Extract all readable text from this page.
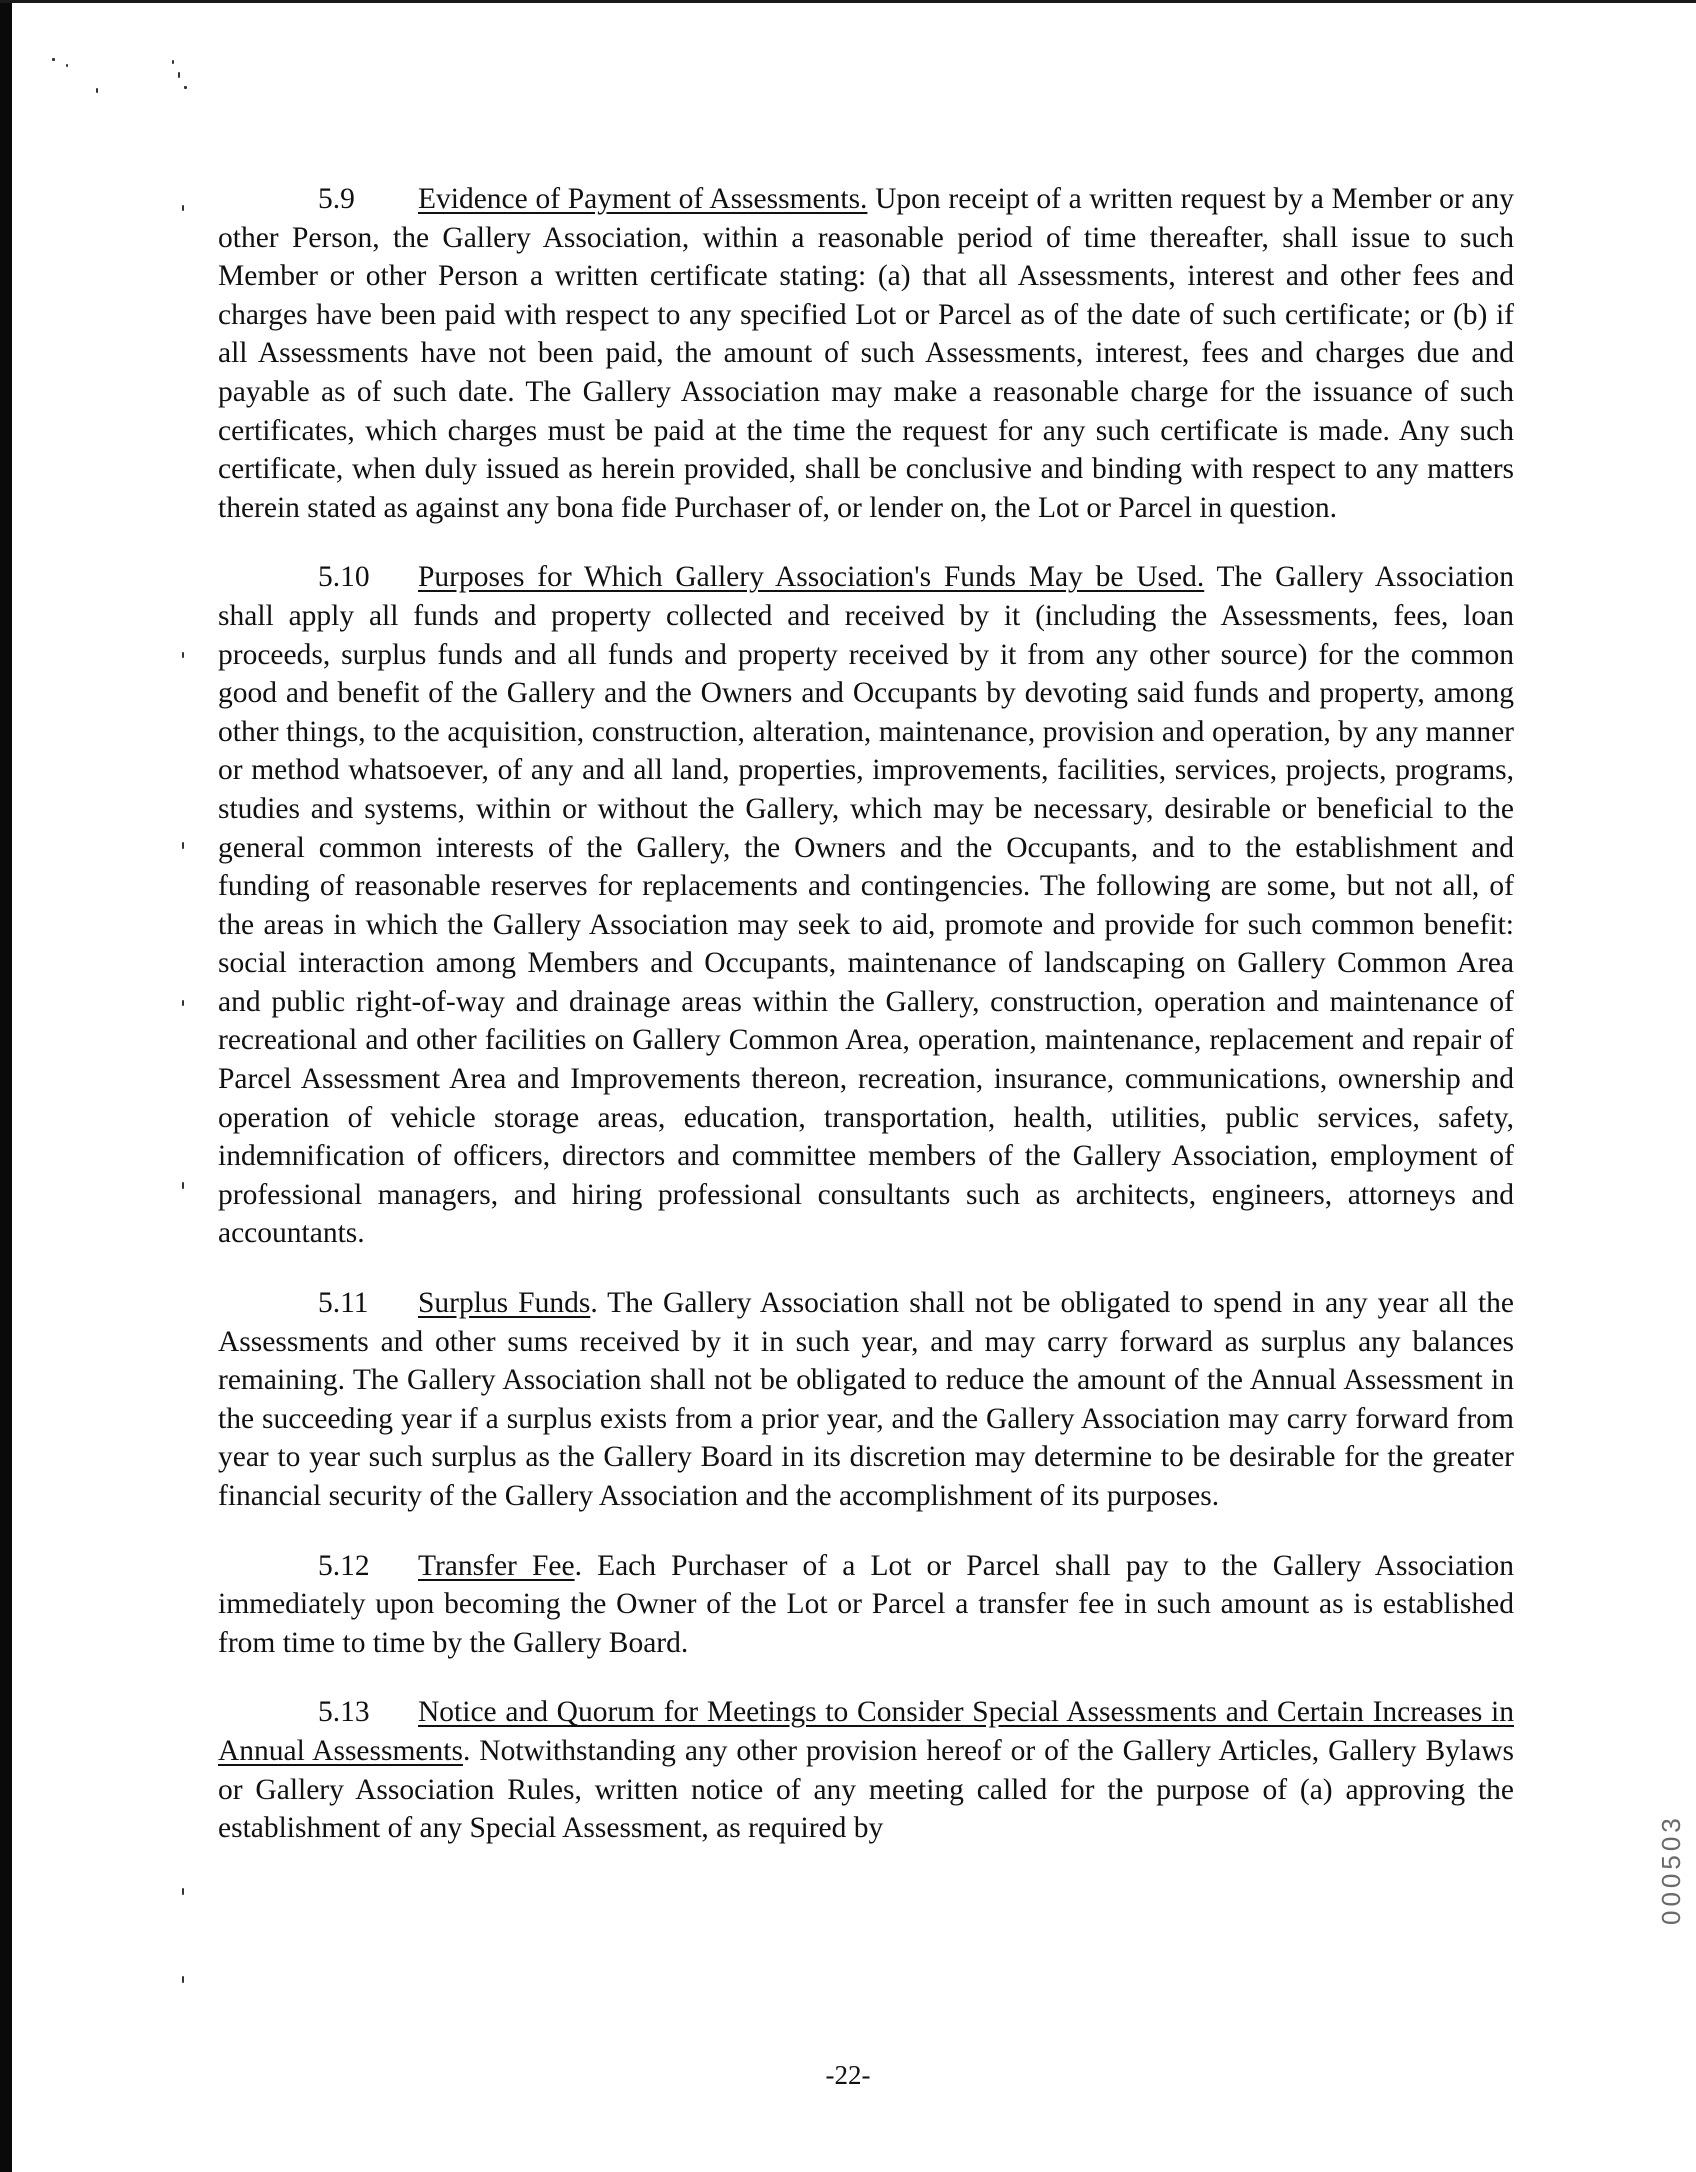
5.9 Evidence of Payment of Assessments. Upon receipt of a written request by a Member or any other Person, the Gallery Association, within a reasonable period of time thereafter, shall issue to such Member or other Person a written certificate stating: (a) that all Assessments, interest and other fees and charges have been paid with respect to any specified Lot or Parcel as of the date of such certificate; or (b) if all Assessments have not been paid, the amount of such Assessments, interest, fees and charges due and payable as of such date. The Gallery Association may make a reasonable charge for the issuance of such certificates, which charges must be paid at the time the request for any such certificate is made. Any such certificate, when duly issued as herein provided, shall be conclusive and binding with respect to any matters therein stated as against any bona fide Purchaser of, or lender on, the Lot or Parcel in question.

5.10 Purposes for Which Gallery Association's Funds May be Used. The Gallery Association shall apply all funds and property collected and received by it (including the Assessments, fees, loan proceeds, surplus funds and all funds and property received by it from any other source) for the common good and benefit of the Gallery and the Owners and Occupants by devoting said funds and property, among other things, to the acquisition, construction, alteration, maintenance, provision and operation, by any manner or method whatsoever, of any and all land, properties, improvements, facilities, services, projects, programs, studies and systems, within or without the Gallery, which may be necessary, desirable or beneficial to the general common interests of the Gallery, the Owners and the Occupants, and to the establishment and funding of reasonable reserves for replacements and contingencies. The following are some, but not all, of the areas in which the Gallery Association may seek to aid, promote and provide for such common benefit: social interaction among Members and Occupants, maintenance of landscaping on Gallery Common Area and public right-of-way and drainage areas within the Gallery, construction, operation and maintenance of recreational and other facilities on Gallery Common Area, operation, maintenance, replacement and repair of Parcel Assessment Area and Improvements thereon, recreation, insurance, communications, ownership and operation of vehicle storage areas, education, transportation, health, utilities, public services, safety, indemnification of officers, directors and committee members of the Gallery Association, employment of professional managers, and hiring professional consultants such as architects, engineers, attorneys and accountants.

5.11 Surplus Funds. The Gallery Association shall not be obligated to spend in any year all the Assessments and other sums received by it in such year, and may carry forward as surplus any balances remaining. The Gallery Association shall not be obligated to reduce the amount of the Annual Assessment in the succeeding year if a surplus exists from a prior year, and the Gallery Association may carry forward from year to year such surplus as the Gallery Board in its discretion may determine to be desirable for the greater financial security of the Gallery Association and the accomplishment of its purposes.

5.12 Transfer Fee. Each Purchaser of a Lot or Parcel shall pay to the Gallery Association immediately upon becoming the Owner of the Lot or Parcel a transfer fee in such amount as is established from time to time by the Gallery Board.

5.13 Notice and Quorum for Meetings to Consider Special Assessments and Certain Increases in Annual Assessments. Notwithstanding any other provision hereof or of the Gallery Articles, Gallery Bylaws or Gallery Association Rules, written notice of any meeting called for the purpose of (a) approving the establishment of any Special Assessment, as required by

-22-
000503
